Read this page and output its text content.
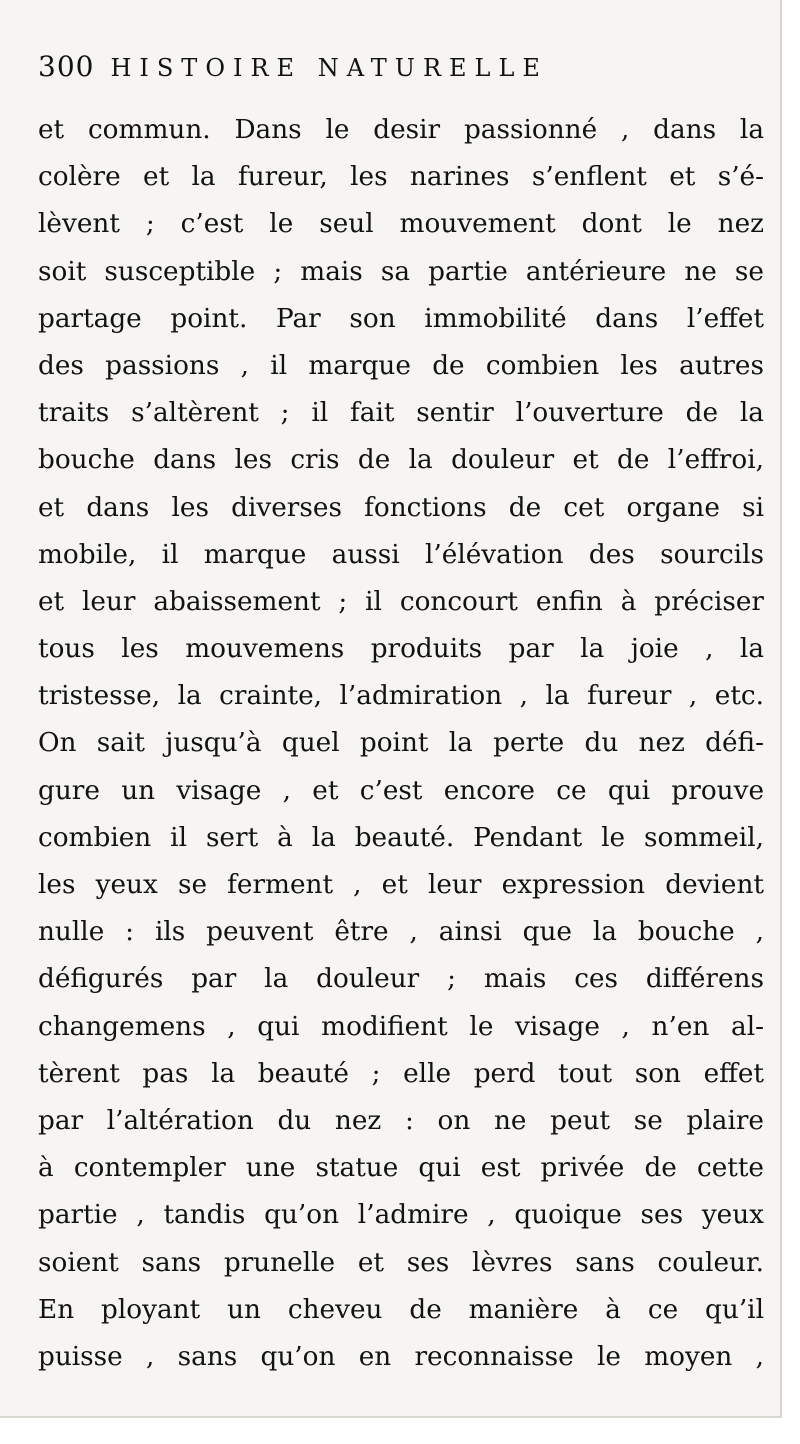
300 HISTOIRE NATURELLE
et commun. Dans le desir passionné , dans la
colère et la fureur, les narines s’enflent et s’é-
lèvent ; c’est le seul mouvement dont le nez
soit susceptible ; mais sa partie antérieure ne se
partage point. Par son immobilité dans l’effet
des passions , il marque de combien les autres
traits s’altèrent ; il fait sentir l’ouverture de la
bouche dans les cris de la douleur et de l’effroi,
et dans les diverses fonctions de cet organe si
mobile, il marque aussi l’élévation des sourcils
et leur abaissement ; il concourt enfin à préciser
tous les mouvemens produits par la joie , la
tristesse, la crainte, l’admiration , la fureur , etc.
On sait jusqu’à quel point la perte du nez défi-
gure un visage , et c’est encore ce qui prouve
combien il sert à la beauté. Pendant le sommeil,
les yeux se ferment , et leur expression devient
nulle : ils peuvent être , ainsi que la bouche ,
défigurés par la douleur ; mais ces différens
changemens , qui modifient le visage , n’en al-
tèrent pas la beauté ; elle perd tout son effet
par l’altération du nez : on ne peut se plaire
à contempler une statue qui est privée de cette
partie , tandis qu’on l’admire , quoique ses yeux
soient sans prunelle et ses lèvres sans couleur.
En ployant un cheveu de manière à ce qu’il
puisse , sans qu’on en reconnaisse le moyen ,
